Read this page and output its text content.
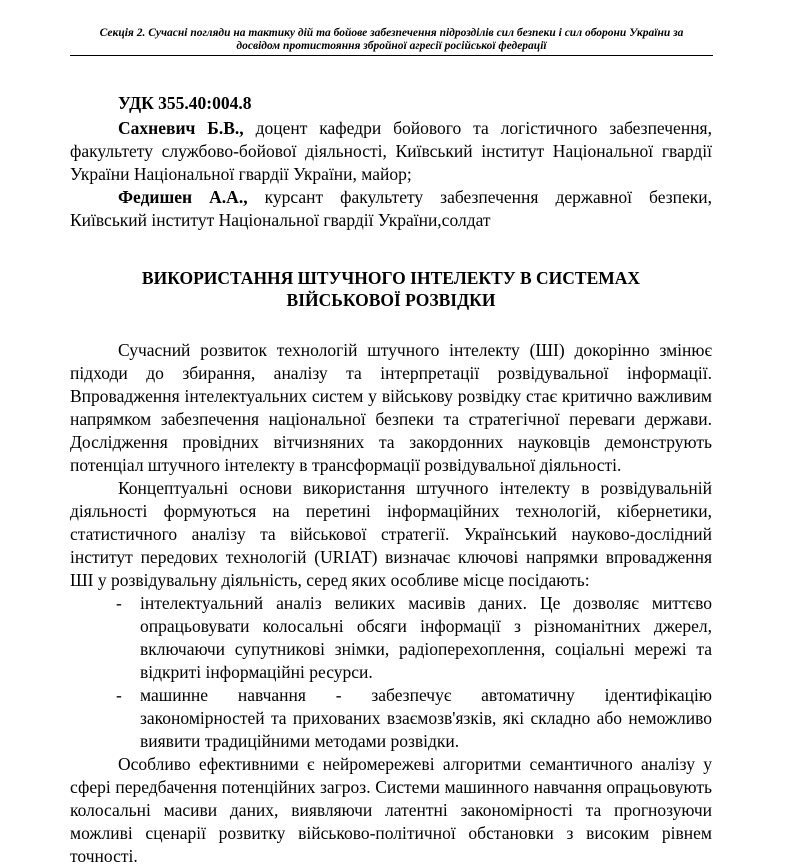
Секція 2. Сучасні погляди на тактику дій та бойове забезпечення підрозділів сил безпеки і сил оборони України за
досвідом протистояння збройної агресії російської федерації

УДК 355.40:004.8

Сахневич Б.В., доцент кафедри бойового та логістичного забезпечення, факультету службово-бойової діяльності, Київський інститут Національної гвардії України Національної гвардії України, майор;

Федишен А.А., курсант факультету забезпечення державної безпеки, Київський інститут Національної гвардії України,солдат

ВИКОРИСТАННЯ ШТУЧНОГО ІНТЕЛЕКТУ В СИСТЕМАХ
ВІЙСЬКОВОЇ РОЗВІДКИ

Сучасний розвиток технологій штучного інтелекту (ШІ) докорінно змінює підходи до збирання, аналізу та інтерпретації розвідувальної інформації. Впровадження інтелектуальних систем у військову розвідку стає критично важливим напрямком забезпечення національної безпеки та стратегічної переваги держави. Дослідження провідних вітчизняних та закордонних науковців демонструють потенціал штучного інтелекту в трансформації розвідувальної діяльності.

Концептуальні основи використання штучного інтелекту в розвідувальній діяльності формуються на перетині інформаційних технологій, кібернетики, статистичного аналізу та військової стратегії. Український науково-дослідний інститут передових технологій (URIAT) визначає ключові напрямки впровадження ШІ у розвідувальну діяльність, серед яких особливе місце посідають:

- інтелектуальний аналіз великих масивів даних. Це дозволяє миттєво опрацьовувати колосальні обсяги інформації з різноманітних джерел, включаючи супутникові знімки, радіоперехоплення, соціальні мережі та відкриті інформаційні ресурси.
- машинне навчання - забезпечує автоматичну ідентифікацію закономірностей та прихованих взаємозв'язків, які складно або неможливо виявити традиційними методами розвідки.

Особливо ефективними є нейромережеві алгоритми семантичного аналізу у сфері передбачення потенційних загроз. Системи машинного навчання опрацьовують колосальні масиви даних, виявляючи латентні закономірності та прогнозуючи можливі сценарії розвитку військово-політичної обстановки з високим рівнем точності.
